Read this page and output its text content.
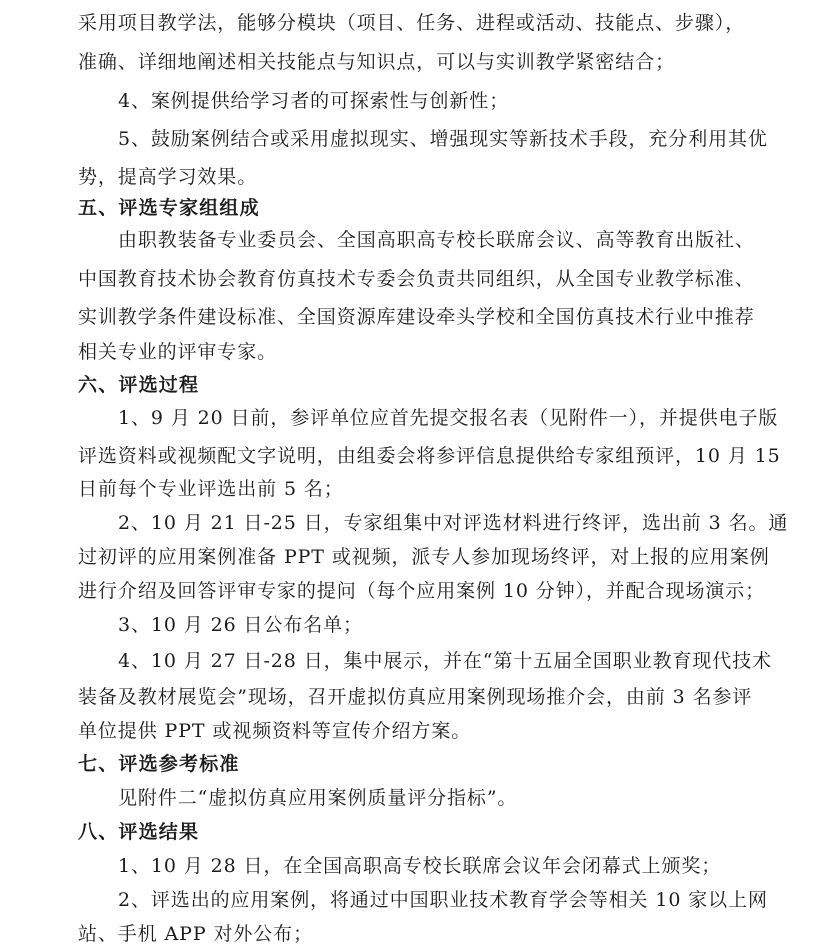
采用项目教学法，能够分模块（项目、任务、进程或活动、技能点、步骤），
准确、详细地阐述相关技能点与知识点，可以与实训教学紧密结合；
4、案例提供给学习者的可探索性与创新性；
5、鼓励案例结合或采用虚拟现实、增强现实等新技术手段，充分利用其优
势，提高学习效果。
五、评选专家组组成
由职教装备专业委员会、全国高职高专校长联席会议、高等教育出版社、
中国教育技术协会教育仿真技术专委会负责共同组织，从全国专业教学标准、
实训教学条件建设标准、全国资源库建设牵头学校和全国仿真技术行业中推荐
相关专业的评审专家。
六、评选过程
1、9 月 20 日前，参评单位应首先提交报名表（见附件一），并提供电子版
评选资料或视频配文字说明，由组委会将参评信息提供给专家组预评，10 月 15
日前每个专业评选出前 5 名；
2、10 月 21 日-25 日，专家组集中对评选材料进行终评，选出前 3 名。通
过初评的应用案例准备 PPT 或视频，派专人参加现场终评，对上报的应用案例
进行介绍及回答评审专家的提问（每个应用案例 10 分钟），并配合现场演示；
3、10 月 26 日公布名单；
4、10 月 27 日-28 日，集中展示，并在“第十五届全国职业教育现代技术
装备及教材展览会”现场，召开虚拟仿真应用案例现场推介会，由前 3 名参评
单位提供 PPT 或视频资料等宣传介绍方案。
七、评选参考标准
见附件二“虚拟仿真应用案例质量评分指标”。
八、评选结果
1、10 月 28 日，在全国高职高专校长联席会议年会闭幕式上颁奖；
2、评选出的应用案例，将通过中国职业技术教育学会等相关 10 家以上网
站、手机 APP 对外公布；
